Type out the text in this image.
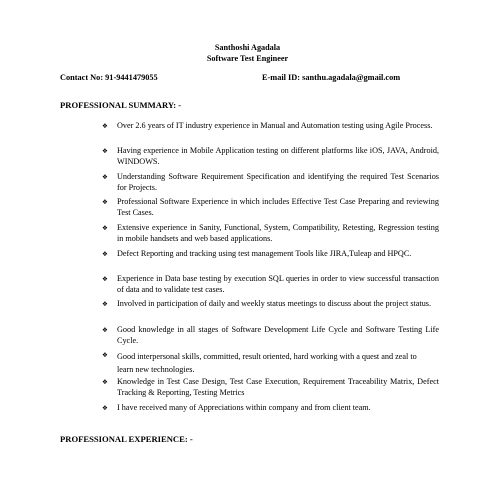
Santhoshi Agadala
Software Test Engineer
Contact No: 91-9441479055	E-mail ID: santhu.agadala@gmail.com
PROFESSIONAL SUMMARY: -
❖ Over 2.6 years of IT industry experience in Manual and Automation testing using Agile Process.
❖ Having experience in Mobile Application testing on different platforms like iOS, JAVA, Android, WINDOWS.
❖ Understanding Software Requirement Specification and identifying the required Test Scenarios for Projects.
❖ Professional Software Experience in which includes Effective Test Case Preparing and reviewing Test Cases.
❖ Extensive experience in Sanity, Functional, System, Compatibility, Retesting, Regression testing in mobile handsets and web based applications.
❖ Defect Reporting and tracking using test management Tools like JIRA,Tuleap and HPQC.
❖ Experience in Data base testing by execution SQL queries in order to view successful transaction of data and to validate test cases.
❖ Involved in participation of daily and weekly status meetings to discuss about the project status.
❖ Good knowledge in all stages of Software Development Life Cycle and Software Testing Life Cycle.
❖ Good interpersonal skills, committed, result oriented, hard working with a quest and zeal tolearn new technologies.
❖ Knowledge in Test Case Design, Test Case Execution, Requirement Traceability Matrix, Defect Tracking & Reporting, Testing Metrics
❖ I have received many of Appreciations within company and from client team.
PROFESSIONAL EXPERIENCE: -
